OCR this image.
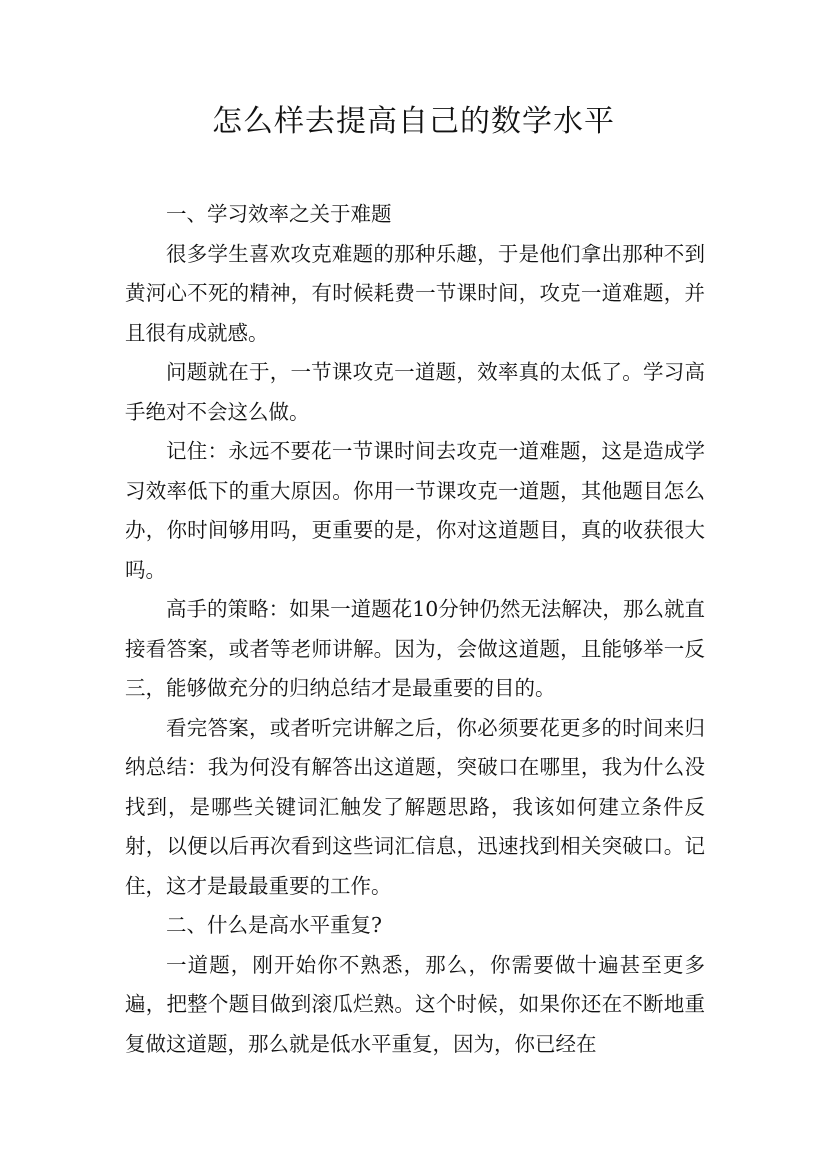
怎么样去提高自己的数学水平

一、学习效率之关于难题

很多学生喜欢攻克难题的那种乐趣，于是他们拿出那种不到黄河心不死的精神，有时候耗费一节课时间，攻克一道难题，并且很有成就感。

问题就在于，一节课攻克一道题，效率真的太低了。学习高手绝对不会这么做。

记住：永远不要花一节课时间去攻克一道难题，这是造成学习效率低下的重大原因。你用一节课攻克一道题，其他题目怎么办，你时间够用吗，更重要的是，你对这道题目，真的收获很大吗。

高手的策略：如果一道题花10分钟仍然无法解决，那么就直接看答案，或者等老师讲解。因为，会做这道题，且能够举一反三，能够做充分的归纳总结才是最重要的目的。

看完答案，或者听完讲解之后，你必须要花更多的时间来归纳总结：我为何没有解答出这道题，突破口在哪里，我为什么没找到，是哪些关键词汇触发了解题思路，我该如何建立条件反射，以便以后再次看到这些词汇信息，迅速找到相关突破口。记住，这才是最最重要的工作。

二、什么是高水平重复?

一道题，刚开始你不熟悉，那么，你需要做十遍甚至更多遍，把整个题目做到滚瓜烂熟。这个时候，如果你还在不断地重复做这道题，那么就是低水平重复，因为，你已经在
